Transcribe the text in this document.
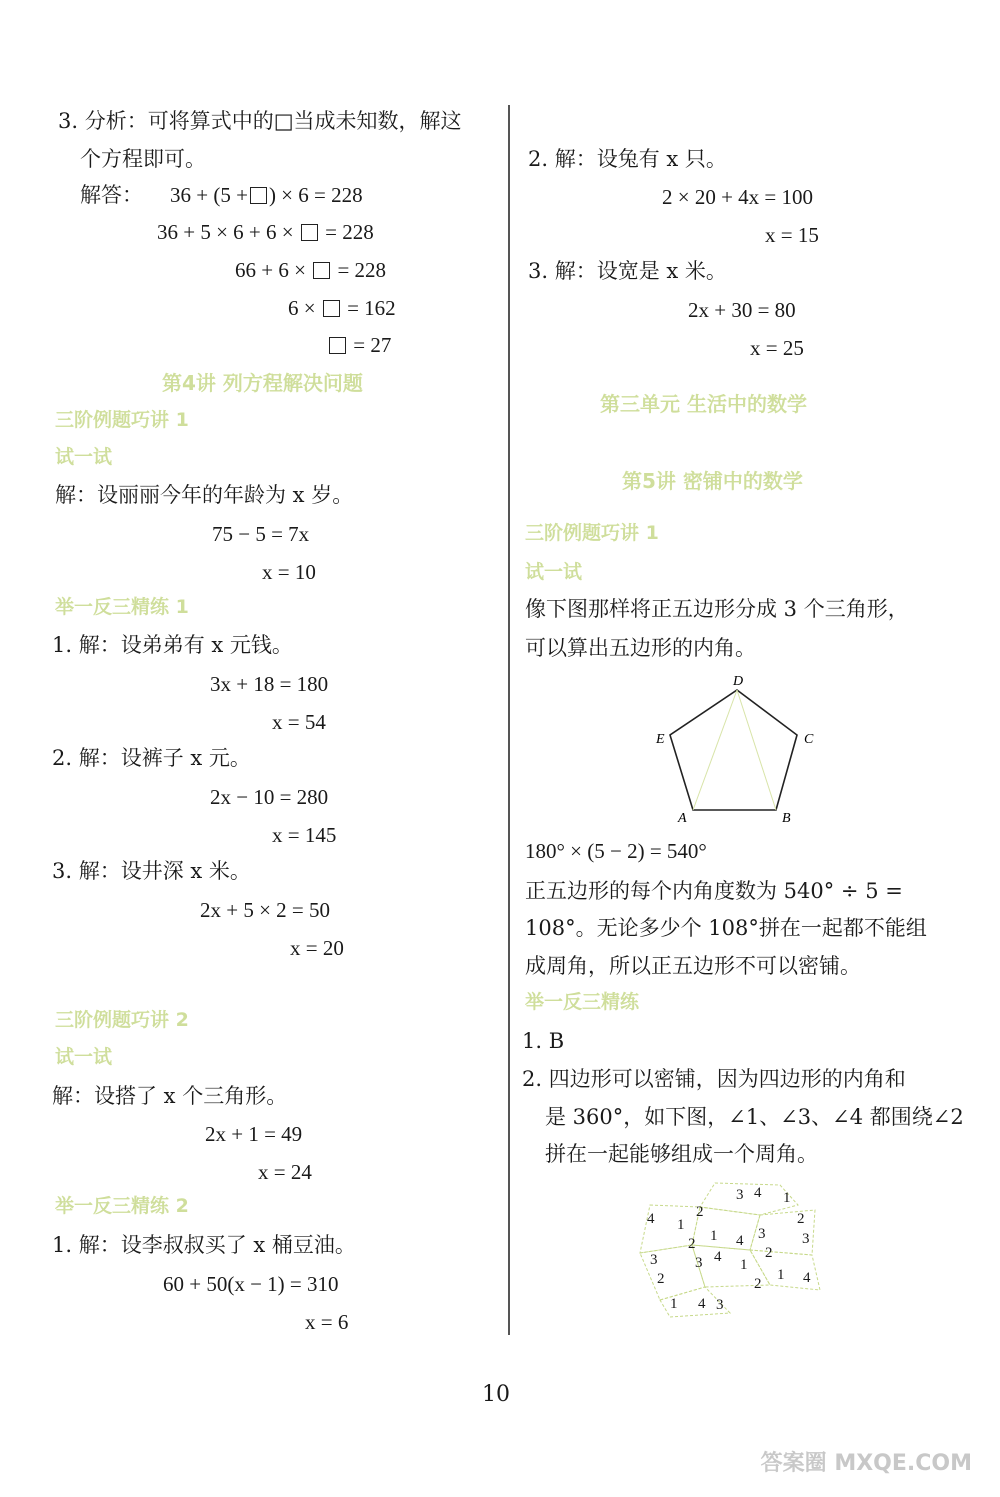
3. 分析：可将算式中的□当成未知数，解这
个方程即可。
解答： 36 + (5 + ) × 6 = 228
36 + 5 × 6 + 6 × = 228
66 + 6 × = 228
6 × = 162
= 27
第4讲 列方程解决问题
三阶例题巧讲 1
试一试
解：设丽丽今年的年龄为 x 岁。
75 − 5 = 7x
x = 10
举一反三精练 1
1. 解：设弟弟有 x 元钱。
3x + 18 = 180
x = 54
2. 解：设裤子 x 元。
2x − 10 = 280
x = 145
3. 解：设井深 x 米。
2x + 5 × 2 = 50
x = 20
三阶例题巧讲 2
试一试
解：设搭了 x 个三角形。
2x + 1 = 49
x = 24
举一反三精练 2
1. 解：设李叔叔买了 x 桶豆油。
60 + 50(x − 1) = 310
x = 6
2. 解：设兔有 x 只。
2 × 20 + 4x = 100
x = 15
3. 解：设宽是 x 米。
2x + 30 = 80
x = 25
第三单元 生活中的数学
第5讲 密铺中的数学
三阶例题巧讲 1
试一试
像下图那样将正五边形分成 3 个三角形，
可以算出五边形的内角。
D
C
E
A	B
180° × (5 − 2) = 540°
正五边形的每个内角度数为 540° ÷ 5 =
108°。无论多少个 108°拼在一起都不能组
成周角，所以正五边形不可以密铺。
举一反三精练
1. B
2. 四边形可以密铺，因为四边形的内角和
是 360°，如下图，∠1、∠3、∠4 都围绕∠2
拼在一起能够组成一个周角。
3 4 1
4 1
2	2
2 1 4 3 3
3	4	2
3
2
1
2
1 4
1 4 3
10
答案圈 MXQE.COM
